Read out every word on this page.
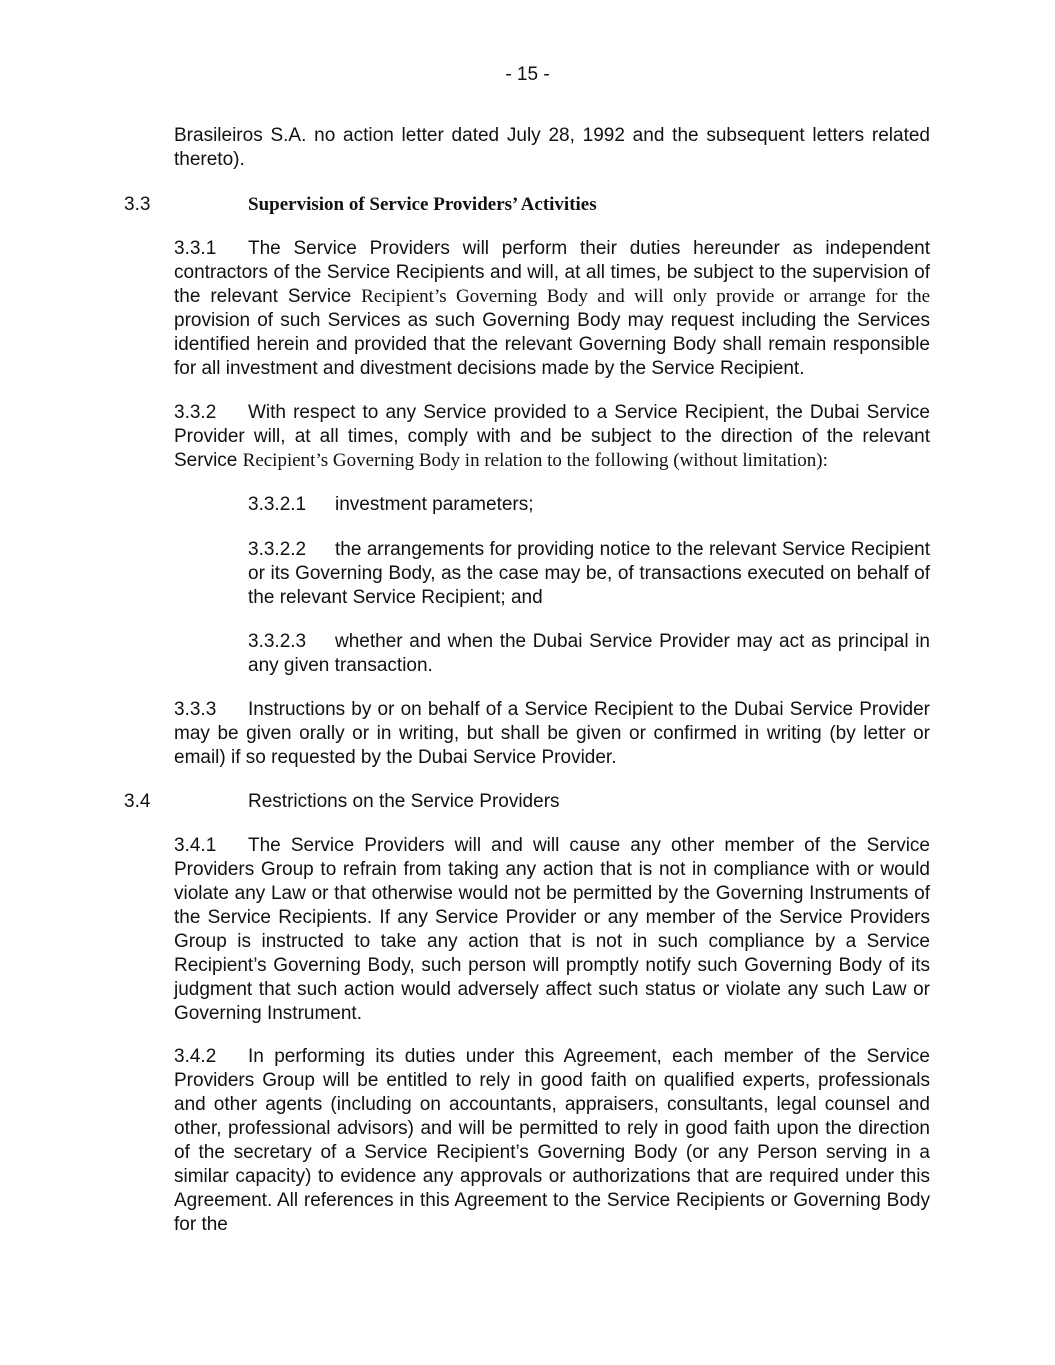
- 15 -
Brasileiros S.A. no action letter dated July 28, 1992 and the subsequent letters related thereto).
3.3	Supervision of Service Providers’ Activities
3.3.1 The Service Providers will perform their duties hereunder as independent contractors of the Service Recipients and will, at all times, be subject to the supervision of the relevant Service Recipient’s Governing Body and will only provide or arrange for the provision of such Services as such Governing Body may request including the Services identified herein and provided that the relevant Governing Body shall remain responsible for all investment and divestment decisions made by the Service Recipient.
3.3.2 With respect to any Service provided to a Service Recipient, the Dubai Service Provider will, at all times, comply with and be subject to the direction of the relevant Service Recipient’s Governing Body in relation to the following (without limitation):
3.3.2.1 investment parameters;
3.3.2.2 the arrangements for providing notice to the relevant Service Recipient or its Governing Body, as the case may be, of transactions executed on behalf of the relevant Service Recipient; and
3.3.2.3 whether and when the Dubai Service Provider may act as principal in any given transaction.
3.3.3 Instructions by or on behalf of a Service Recipient to the Dubai Service Provider may be given orally or in writing, but shall be given or confirmed in writing (by letter or email) if so requested by the Dubai Service Provider.
3.4	Restrictions on the Service Providers
3.4.1 The Service Providers will and will cause any other member of the Service Providers Group to refrain from taking any action that is not in compliance with or would violate any Law or that otherwise would not be permitted by the Governing Instruments of the Service Recipients. If any Service Provider or any member of the Service Providers Group is instructed to take any action that is not in such compliance by a Service Recipient’s Governing Body, such person will promptly notify such Governing Body of its judgment that such action would adversely affect such status or violate any such Law or Governing Instrument.
3.4.2 In performing its duties under this Agreement, each member of the Service Providers Group will be entitled to rely in good faith on qualified experts, professionals and other agents (including on accountants, appraisers, consultants, legal counsel and other, professional advisors) and will be permitted to rely in good faith upon the direction of the secretary of a Service Recipient’s Governing Body (or any Person serving in a similar capacity) to evidence any approvals or authorizations that are required under this Agreement. All references in this Agreement to the Service Recipients or Governing Body for the
